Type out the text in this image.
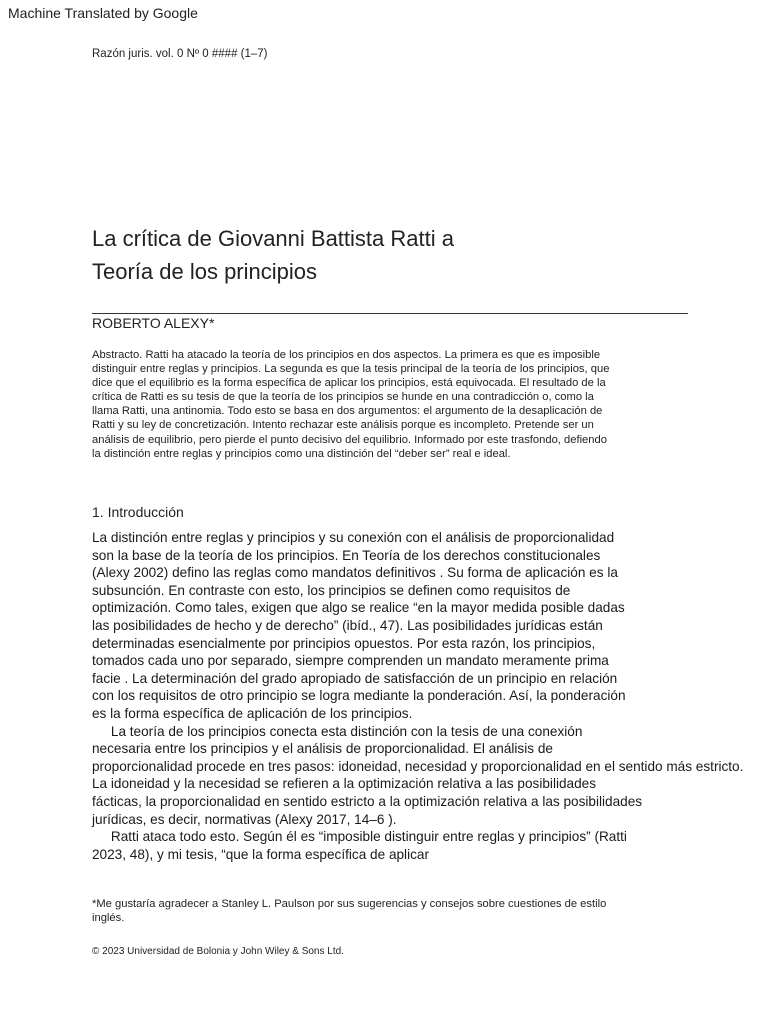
Machine Translated by Google
Razón juris. vol. 0 Nº 0 #### (1–7)
La crítica de Giovanni Battista Ratti a
Teoría de los principios
ROBERTO ALEXY*

Abstracto. Ratti ha atacado la teoría de los principios en dos aspectos. La primera es que es imposible
distinguir entre reglas y principios. La segunda es que la tesis principal de la teoría de los principios, que
dice que el equilibrio es la forma específica de aplicar los principios, está equivocada. El resultado de la
crítica de Ratti es su tesis de que la teoría de los principios se hunde en una contradicción o, como la
llama Ratti, una antinomia. Todo esto se basa en dos argumentos: el argumento de la desaplicación de
Ratti y su ley de concretización. Intento rechazar este análisis porque es incompleto. Pretende ser un
análisis de equilibrio, pero pierde el punto decisivo del equilibrio. Informado por este trasfondo, defiendo
la distinción entre reglas y principios como una distinción del “deber ser” real e ideal.

1. Introducción

La distinción entre reglas y principios y su conexión con el análisis de proporcionalidad
son la base de la teoría de los principios. En Teoría de los derechos constitucionales
(Alexy 2002) defino las reglas como mandatos definitivos . Su forma de aplicación es la
subsunción. En contraste con esto, los principios se definen como requisitos de
optimización. Como tales, exigen que algo se realice “en la mayor medida posible dadas
las posibilidades de hecho y de derecho” (ibíd., 47). Las posibilidades jurídicas están
determinadas esencialmente por principios opuestos. Por esta razón, los principios,
tomados cada uno por separado, siempre comprenden un mandato meramente prima
facie . La determinación del grado apropiado de satisfacción de un principio en relación
con los requisitos de otro principio se logra mediante la ponderación. Así, la ponderación
es la forma específica de aplicación de los principios.
La teoría de los principios conecta esta distinción con la tesis de una conexión
necesaria entre los principios y el análisis de proporcionalidad. El análisis de
proporcionalidad procede en tres pasos: idoneidad, necesidad y proporcionalidad en el sentido más estricto.
La idoneidad y la necesidad se refieren a la optimización relativa a las posibilidades
fácticas, la proporcionalidad en sentido estricto a la optimización relativa a las posibilidades
jurídicas, es decir, normativas (Alexy 2017, 14–6 ).
Ratti ataca todo esto. Según él es “imposible distinguir entre reglas y principios” (Ratti
2023, 48), y mi tesis, “que la forma específica de aplicar

*Me gustaría agradecer a Stanley L. Paulson por sus sugerencias y consejos sobre cuestiones de estilo
inglés.

© 2023 Universidad de Bolonia y John Wiley & Sons Ltd.
